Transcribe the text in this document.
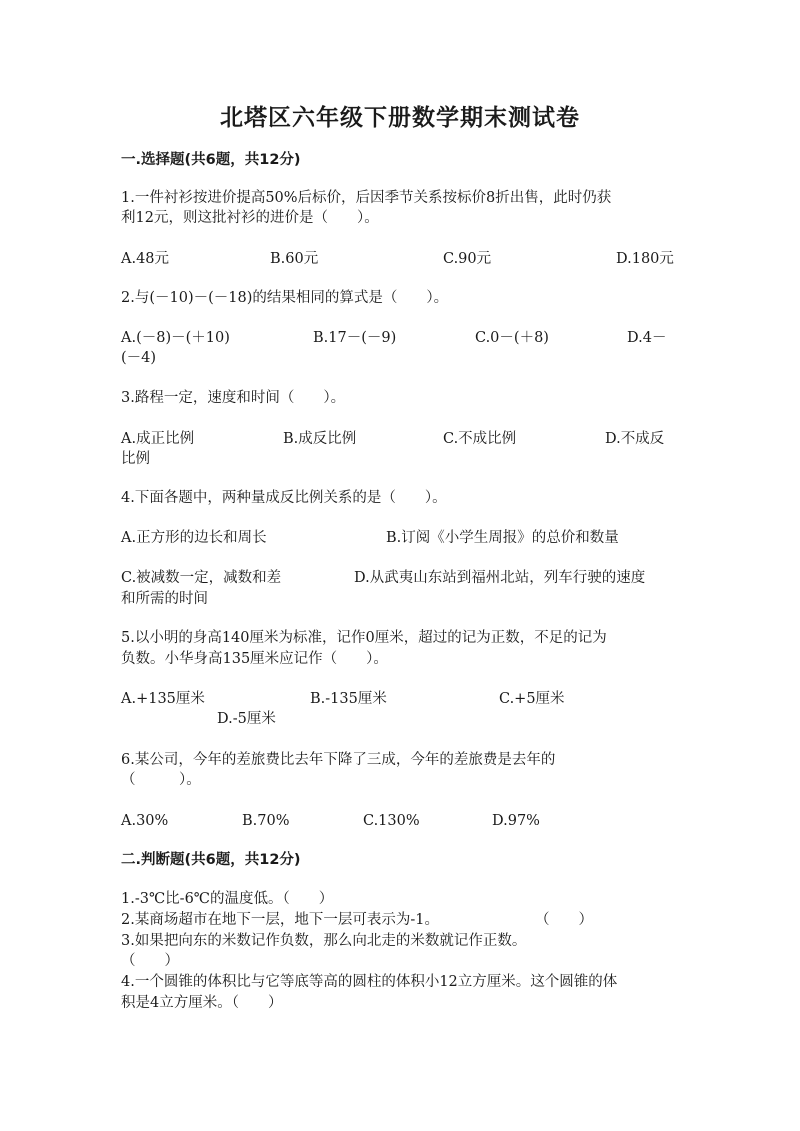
北塔区六年级下册数学期末测试卷
一.选择题(共6题，共12分)
1.一件衬衫按进价提高50%后标价，后因季节关系按标价8折出售，此时仍获
利12元，则这批衬衫的进价是（　　）。
A.48元	B.60元	C.90元	D.180元
2.与(－10)－(－18)的结果相同的算式是（　　）。
A.(－8)－(＋10)	B.17－(－9)	C.0－(＋8)	D.4－
(－4)
3.路程一定，速度和时间（　　）。
A.成正比例	B.成反比例	C.不成比例	D.不成反
比例
4.下面各题中，两种量成反比例关系的是（　　）。
A.正方形的边长和周长	B.订阅《小学生周报》的总价和数量
C.被减数一定，减数和差	D.从武夷山东站到福州北站，列车行驶的速度
和所需的时间
5.以小明的身高140厘米为标准，记作0厘米，超过的记为正数，不足的记为
负数。小华身高135厘米应记作（　　）。
A.+135厘米	B.-135厘米	C.+5厘米
D.-5厘米
6.某公司，今年的差旅费比去年下降了三成，今年的差旅费是去年的
（　　　）。
A.30%	B.70%	C.130%	D.97%
二.判断题(共6题，共12分)
1.-3℃比-6℃的温度低。（　　）
2.某商场超市在地下一层，地下一层可表示为-1。	（　　）
3.如果把向东的米数记作负数，那么向北走的米数就记作正数。
（　　）
4.一个圆锥的体积比与它等底等高的圆柱的体积小12立方厘米。这个圆锥的体
积是4立方厘米。（　　）
